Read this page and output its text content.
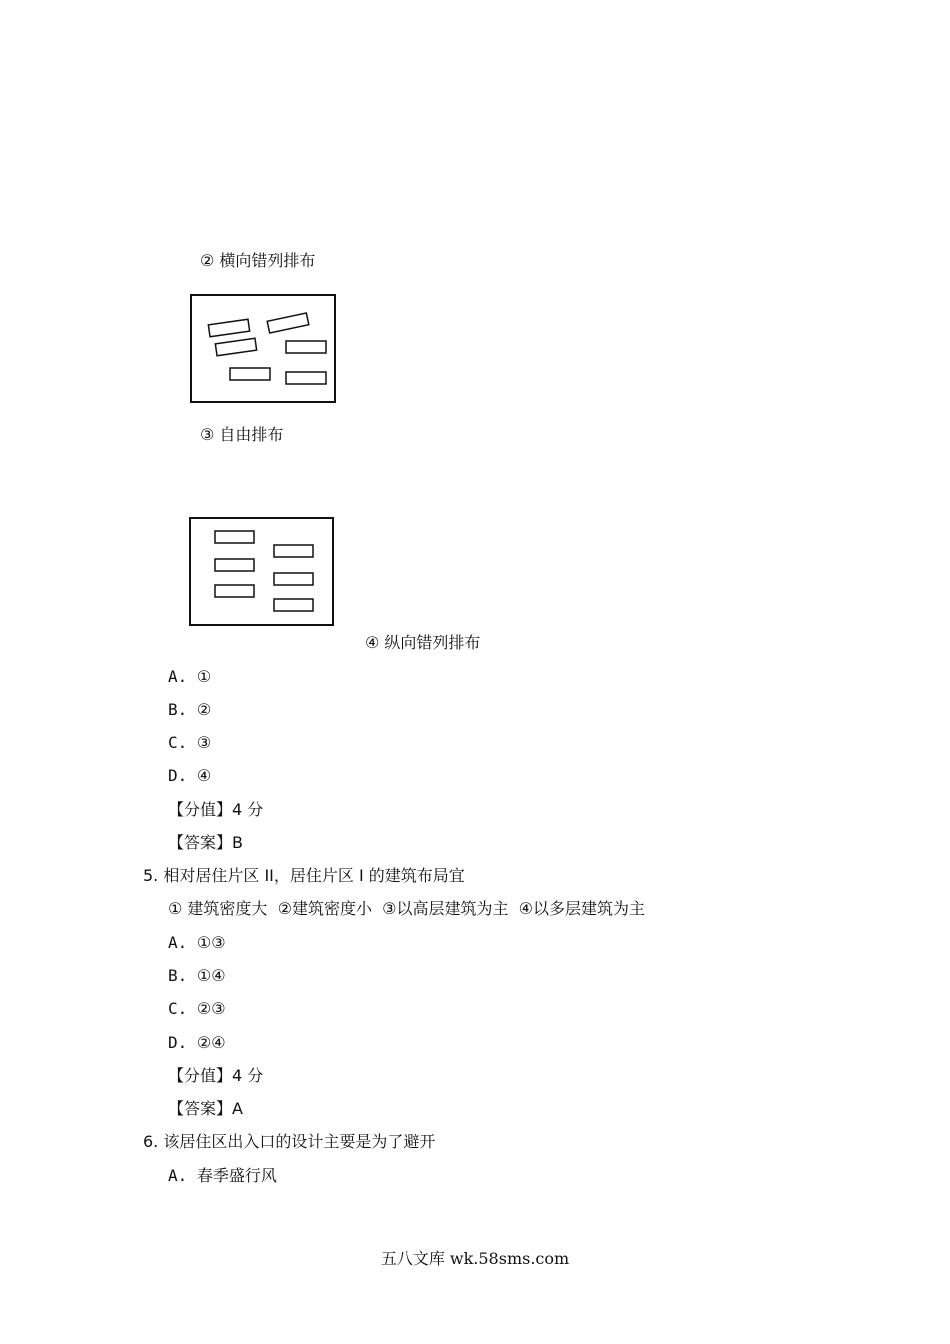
② 横向错列排布
③ 自由排布
④ 纵向错列排布
A. ①
B. ②
C. ③
D. ④
【分值】4 分
【答案】B
5. 相对居住片区 II，居住片区 I 的建筑布局宜
① 建筑密度大  ②建筑密度小  ③以高层建筑为主  ④以多层建筑为主
A. ①③
B. ①④
C. ②③
D. ②④
【分值】4 分
【答案】A
6. 该居住区出入口的设计主要是为了避开
A. 春季盛行风
五八文库 wk.58sms.com
